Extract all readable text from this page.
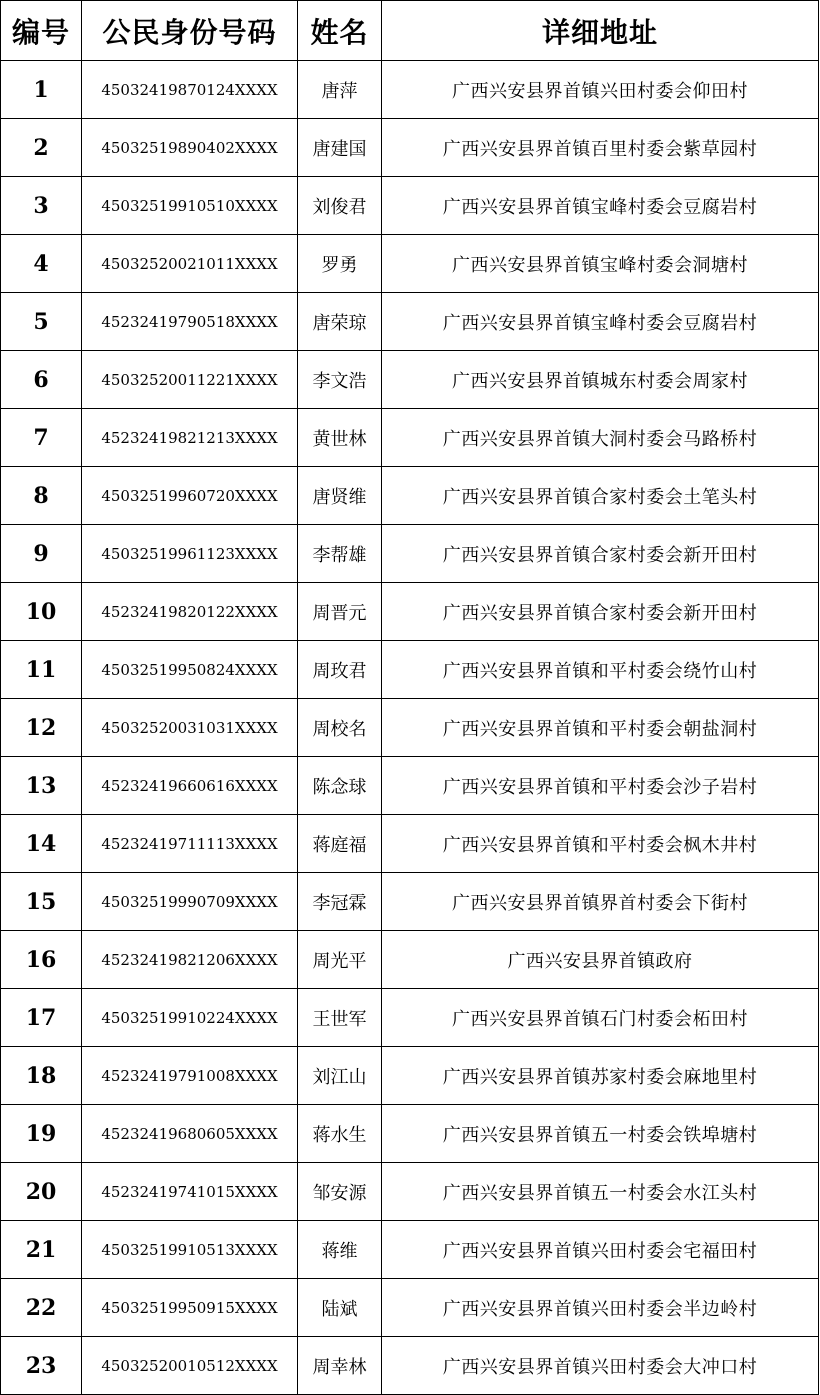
编号	公民身份号码	姓名	详细地址
1	45032419870124XXXX	唐萍	广西兴安县界首镇兴田村委会仰田村
2	45032519890402XXXX	唐建国	广西兴安县界首镇百里村委会紫草园村
3	45032519910510XXXX	刘俊君	广西兴安县界首镇宝峰村委会豆腐岩村
4	45032520021011XXXX	罗勇	广西兴安县界首镇宝峰村委会洞塘村
5	45232419790518XXXX	唐荣琼	广西兴安县界首镇宝峰村委会豆腐岩村
6	45032520011221XXXX	李文浩	广西兴安县界首镇城东村委会周家村
7	45232419821213XXXX	黄世林	广西兴安县界首镇大洞村委会马路桥村
8	45032519960720XXXX	唐贤维	广西兴安县界首镇合家村委会土笔头村
9	45032519961123XXXX	李帮雄	广西兴安县界首镇合家村委会新开田村
10	45232419820122XXXX	周晋元	广西兴安县界首镇合家村委会新开田村
11	45032519950824XXXX	周玫君	广西兴安县界首镇和平村委会绕竹山村
12	45032520031031XXXX	周校名	广西兴安县界首镇和平村委会朝盐洞村
13	45232419660616XXXX	陈念球	广西兴安县界首镇和平村委会沙子岩村
14	45232419711113XXXX	蒋庭福	广西兴安县界首镇和平村委会枫木井村
15	45032519990709XXXX	李冠霖	广西兴安县界首镇界首村委会下街村
16	45232419821206XXXX	周光平	广西兴安县界首镇政府
17	45032519910224XXXX	王世军	广西兴安县界首镇石门村委会柘田村
18	45232419791008XXXX	刘江山	广西兴安县界首镇苏家村委会麻地里村
19	45232419680605XXXX	蒋水生	广西兴安县界首镇五一村委会铁埠塘村
20	45232419741015XXXX	邹安源	广西兴安县界首镇五一村委会水江头村
21	45032519910513XXXX	蒋维	广西兴安县界首镇兴田村委会宅福田村
22	45032519950915XXXX	陆斌	广西兴安县界首镇兴田村委会半边岭村
23	45032520010512XXXX	周幸林	广西兴安县界首镇兴田村委会大冲口村
